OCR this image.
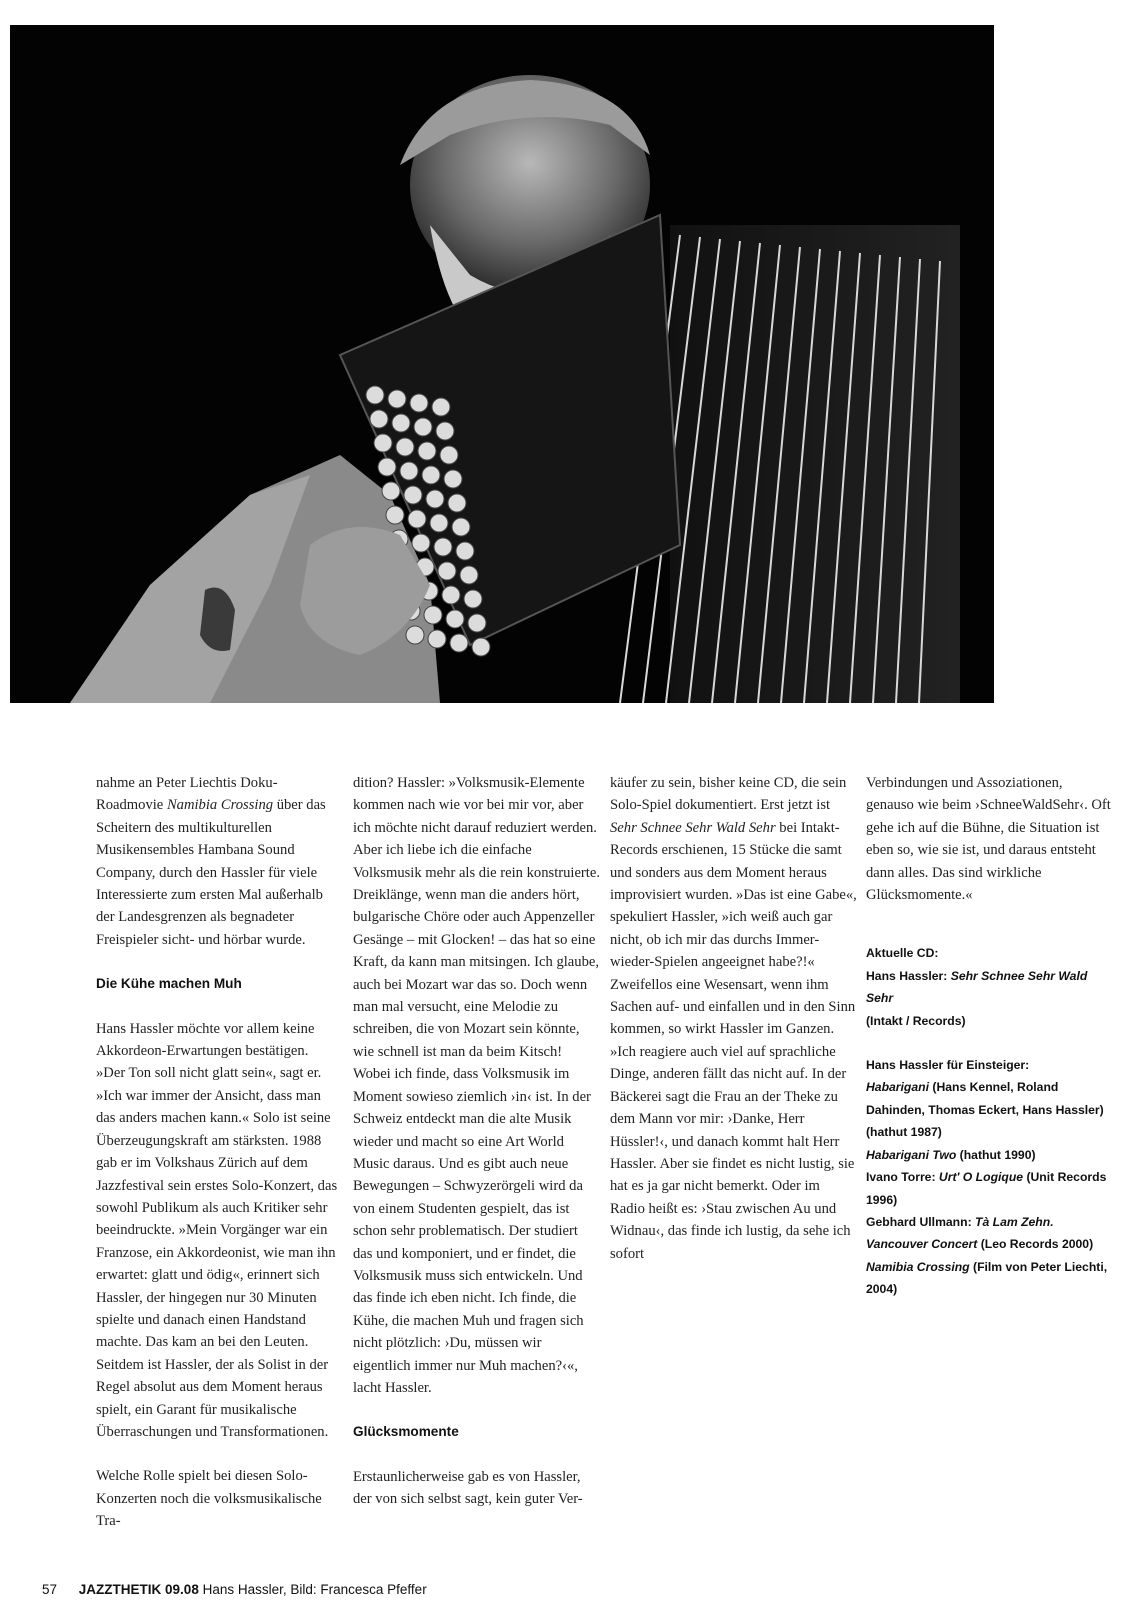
nahme an Peter Liechtis Doku-Roadmovie Namibia Crossing über das Scheitern des multikulturellen Musikensembles Hambana Sound Company, durch den Hassler für viele Interessierte zum ersten Mal außerhalb der Landesgrenzen als begnadeter Freispieler sicht- und hörbar wurde.

Die Kühe machen Muh

Hans Hassler möchte vor allem keine Akkordeon-Erwartungen bestätigen. »Der Ton soll nicht glatt sein«, sagt er. »Ich war immer der Ansicht, dass man das anders machen kann.« Solo ist seine Überzeugungskraft am stärksten. 1988 gab er im Volkshaus Zürich auf dem Jazzfestival sein erstes Solo-Konzert, das sowohl Publikum als auch Kritiker sehr beeindruckte. »Mein Vorgänger war ein Franzose, ein Akkordeonist, wie man ihn erwartet: glatt und ödig«, erinnert sich Hassler, der hingegen nur 30 Minuten spielte und danach einen Handstand machte. Das kam an bei den Leuten. Seitdem ist Hassler, der als Solist in der Regel absolut aus dem Moment heraus spielt, ein Garant für musikalische Überraschungen und Transformationen.

Welche Rolle spielt bei diesen Solo-Konzerten noch die volksmusikalische Tra-

dition? Hassler: »Volksmusik-Elemente kommen nach wie vor bei mir vor, aber ich möchte nicht darauf reduziert werden. Aber ich liebe ich die einfache Volksmusik mehr als die rein konstruierte. Dreiklänge, wenn man die anders hört, bulgarische Chöre oder auch Appenzeller Gesänge – mit Glocken! – das hat so eine Kraft, da kann man mitsingen. Ich glaube, auch bei Mozart war das so. Doch wenn man mal versucht, eine Melodie zu schreiben, die von Mozart sein könnte, wie schnell ist man da beim Kitsch! Wobei ich finde, dass Volksmusik im Moment sowieso ziemlich ›in‹ ist. In der Schweiz entdeckt man die alte Musik wieder und macht so eine Art World Music daraus. Und es gibt auch neue Bewegungen – Schwyzerörgeli wird da von einem Studenten gespielt, das ist schon sehr problematisch. Der studiert das und komponiert, und er findet, die Volksmusik muss sich entwickeln. Und das finde ich eben nicht. Ich finde, die Kühe, die machen Muh und fragen sich nicht plötzlich: ›Du, müssen wir eigentlich immer nur Muh machen?‹«, lacht Hassler.

Glücksmomente

Erstaunlicherweise gab es von Hassler, der von sich selbst sagt, kein guter Ver-

käufer zu sein, bisher keine CD, die sein Solo-Spiel dokumentiert. Erst jetzt ist Sehr Schnee Sehr Wald Sehr bei Intakt-Records erschienen, 15 Stücke die samt und sonders aus dem Moment heraus improvisiert wurden. »Das ist eine Gabe«, spekuliert Hassler, »ich weiß auch gar nicht, ob ich mir das durchs Immer-wieder-Spielen angeeignet habe?!« Zweifellos eine Wesensart, wenn ihm Sachen auf- und einfallen und in den Sinn kommen, so wirkt Hassler im Ganzen. »Ich reagiere auch viel auf sprachliche Dinge, anderen fällt das nicht auf. In der Bäckerei sagt die Frau an der Theke zu dem Mann vor mir: ›Danke, Herr Hüssler!‹, und danach kommt halt Herr Hassler. Aber sie findet es nicht lustig, sie hat es ja gar nicht bemerkt. Oder im Radio heißt es: ›Stau zwischen Au und Widnau‹, das finde ich lustig, da sehe ich sofort

Verbindungen und Assoziationen, genauso wie beim ›SchneeWaldSehr‹. Oft gehe ich auf die Bühne, die Situation ist eben so, wie sie ist, und daraus entsteht dann alles. Das sind wirkliche Glücksmomente.«

Aktuelle CD:
Hans Hassler: Sehr Schnee Sehr Wald Sehr
(Intakt / Records)

Hans Hassler für Einsteiger:
Habarigani (Hans Kennel, Roland Dahinden, Thomas Eckert, Hans Hassler) (hathut 1987)
Habarigani Two (hathut 1990)
Ivano Torre: Urt' O Logique (Unit Records 1996)
Gebhard Ullmann: Tà Lam Zehn. Vancouver Concert (Leo Records 2000)
Namibia Crossing (Film von Peter Liechti, 2004)

57 JAZZTHETIK 09.08 Hans Hassler, Bild: Francesca Pfeffer
